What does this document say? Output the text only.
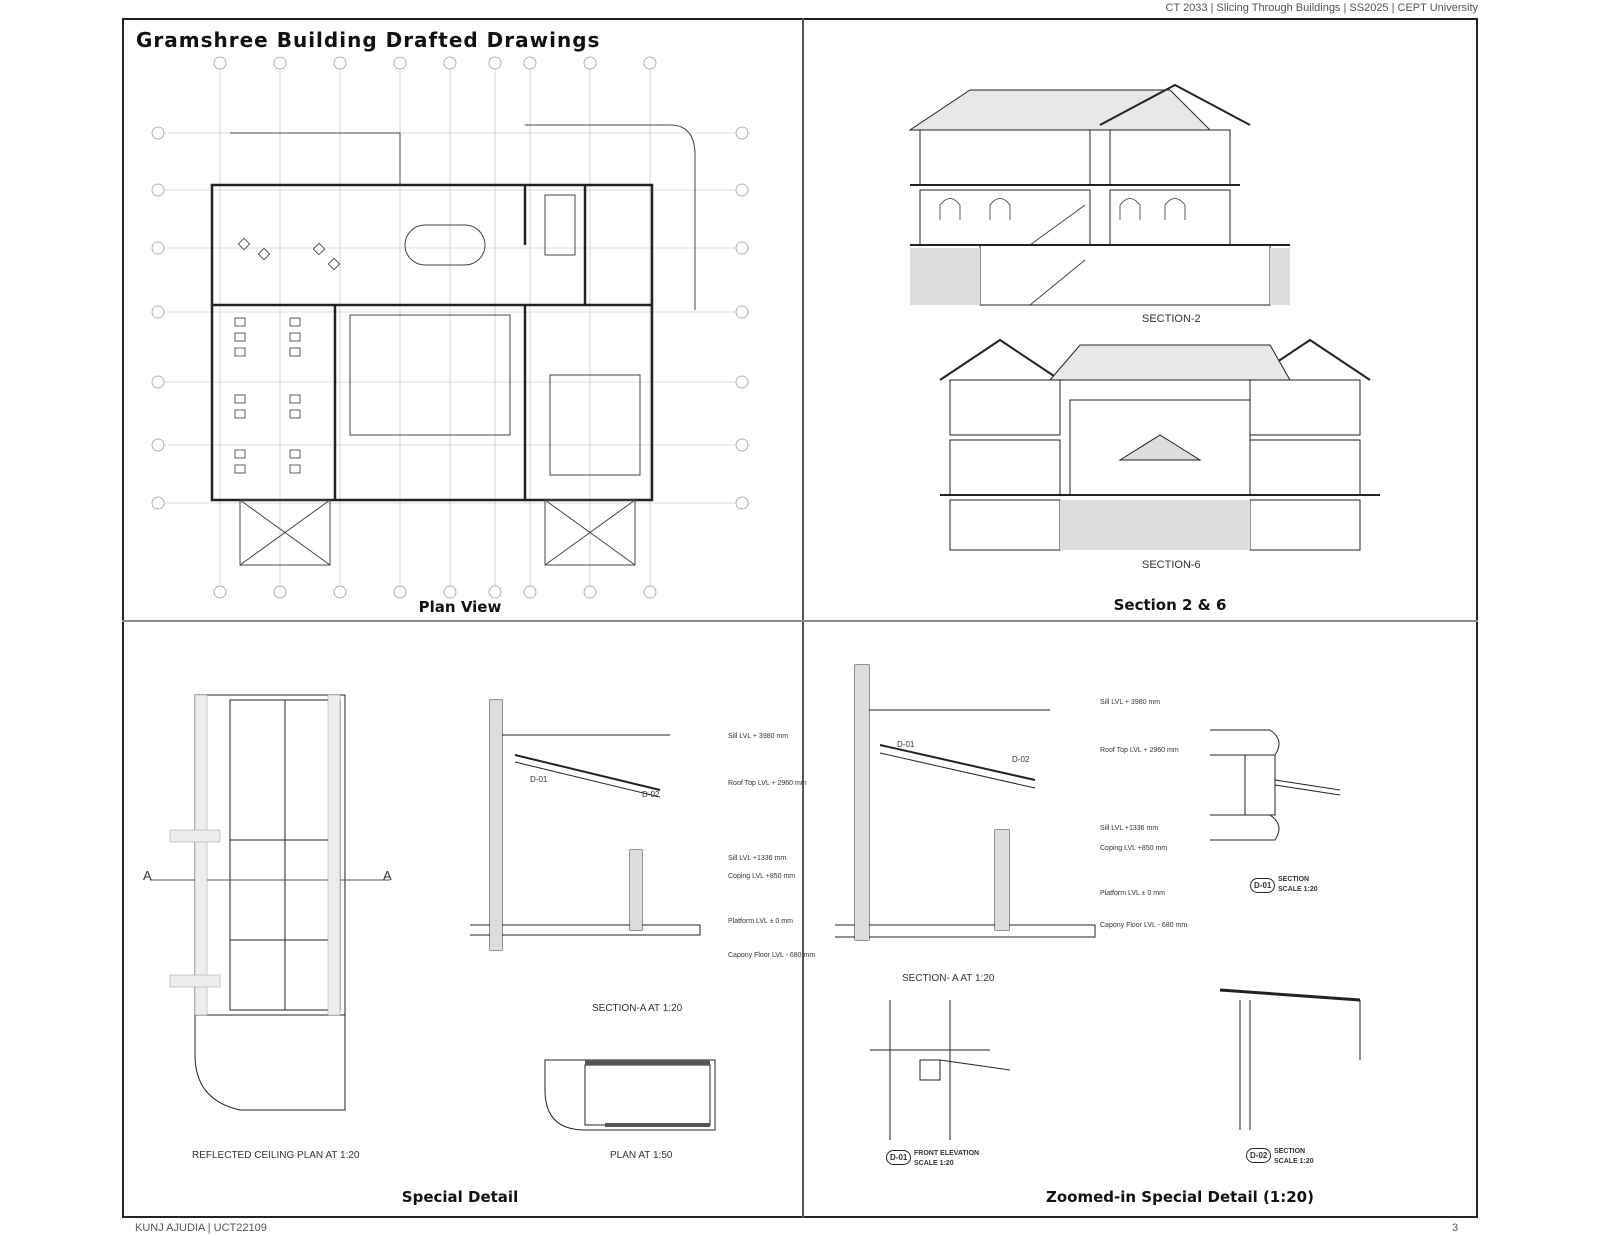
CT 2033 | Slicing Through Buildings | SS2025 | CEPT University
Gramshree Building Drafted Drawings
Plan View
SECTION-2
SECTION-6
Section 2 & 6
A	A
REFLECTED CEILING PLAN AT 1:20
D-01
D-02
Sill LVL + 3980 mm
Roof Top LVL + 2960 mm
Sill LVL +1336 mm
Coping LVL +850 mm
Platform LVL ± 0 mm
Capony Floor LVL - 680 mm
SECTION-A AT 1:20
PLAN AT 1:50
Special Detail
D-01
D-02
Sill LVL + 3980 mm
Roof Top LVL + 2960 mm
Sill LVL +1336 mm
Coping LVL +850 mm
Platform LVL ± 0 mm
Capony Floor LVL - 680 mm
SECTION- A AT 1:20
D-01
SECTION
SCALE 1:20
D-01 FRONT ELEVATION
SCALE 1:20
D-02 SECTION
SCALE 1:20
Zoomed-in Special Detail (1:20)
KUNJ AJUDIA | UCT22109	3
